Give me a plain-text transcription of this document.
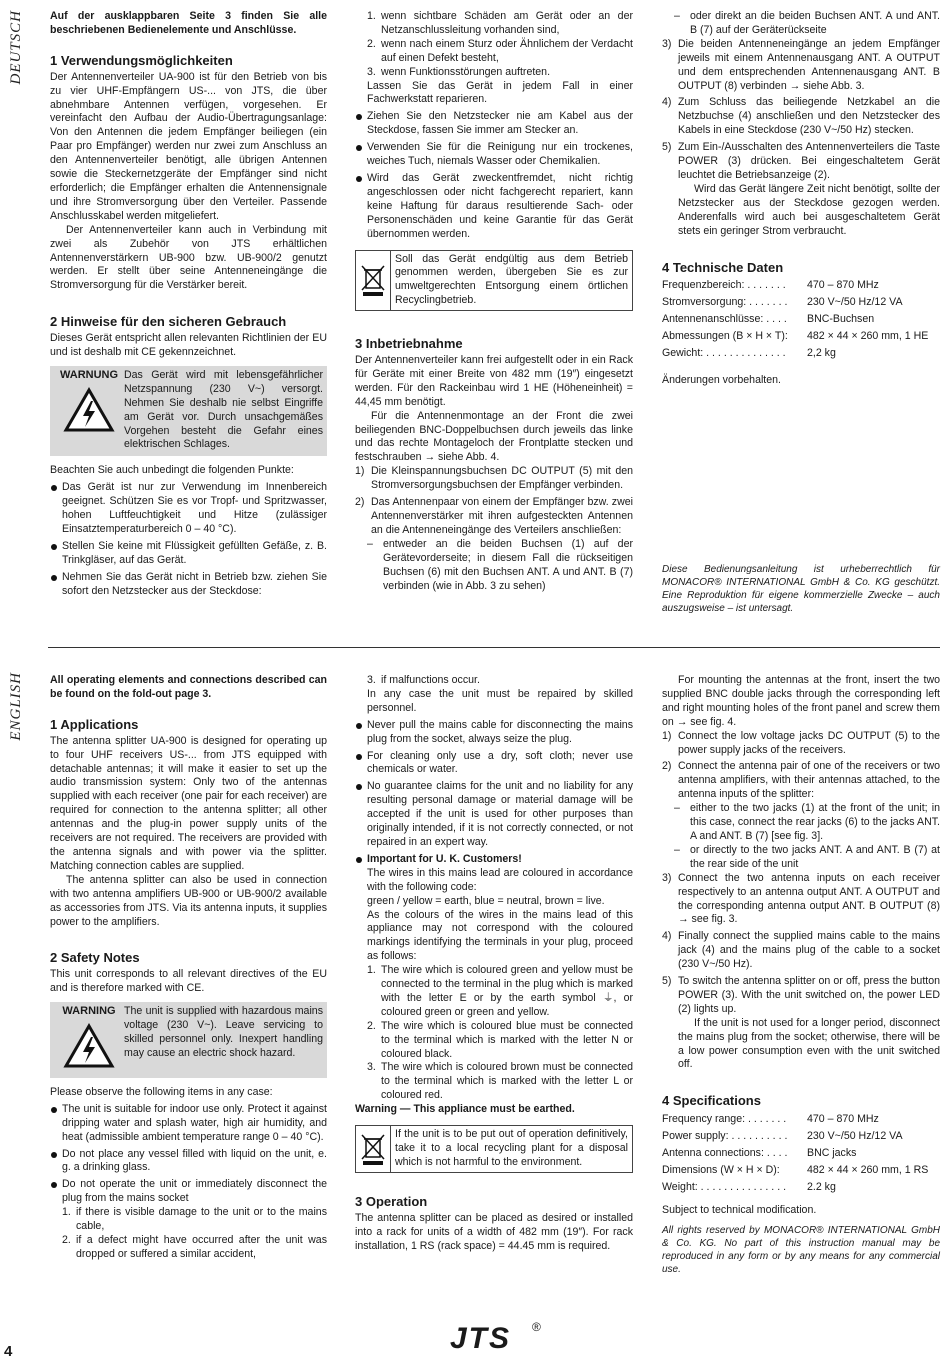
DEUTSCH
ENGLISH

Auf der ausklappbaren Seite 3 finden Sie alle beschriebenen Bedienelemente und Anschlüsse.

1 Verwendungsmöglichkeiten

Der Antennenverteiler UA-900 ist für den Betrieb von bis zu vier UHF-Empfängern US-... von JTS, die über abnehmbare Antennen verfügen, vorgesehen. Er vereinfacht den Aufbau der Audio-Übertragungsanlage: Von den Antennen die jedem Empfänger beiliegen (ein Paar pro Empfänger) werden nur zwei zum Anschluss an den Antennenverteiler benötigt, alle übrigen Antennen sowie die Steckernetzgeräte der Empfänger sind nicht erforderlich; die Empfänger erhalten die Antennensignale und ihre Stromversorgung über den Verteiler. Passende Anschlusskabel werden mitgeliefert.

Der Antennenverteiler kann auch in Verbindung mit zwei als Zubehör von JTS erhältlichen Antennenverstärkern UB-900 bzw. UB-900/2 genutzt werden. Er stellt über seine Antenneneingänge die Stromversorgung für die Verstärker bereit.

2 Hinweise für den sicheren Gebrauch

Dieses Gerät entspricht allen relevanten Richtlinien der EU und ist deshalb mit CE gekennzeichnet.

WARNUNG Das Gerät wird mit lebensgefährlicher Netzspannung (230 V~) versorgt. Nehmen Sie deshalb nie selbst Eingriffe am Gerät vor. Durch unsachgemäßes Vorgehen besteht die Gefahr eines elektrischen Schlages.

Beachten Sie auch unbedingt die folgenden Punkte:

Das Gerät ist nur zur Verwendung im Innenbereich geeignet. Schützen Sie es vor Tropf- und Spritzwasser, hohen Luftfeuchtigkeit und Hitze (zulässiger Einsatztemperaturbereich 0 – 40 °C).

Stellen Sie keine mit Flüssigkeit gefüllten Gefäße, z. B. Trinkgläser, auf das Gerät.

Nehmen Sie das Gerät nicht in Betrieb bzw. ziehen Sie sofort den Netzstecker aus der Steckdose:

1. wenn sichtbare Schäden am Gerät oder an der Netzanschlussleitung vorhanden sind,

2. wenn nach einem Sturz oder Ähnlichem der Verdacht auf einen Defekt besteht,

3. wenn Funktionsstörungen auftreten.

Lassen Sie das Gerät in jedem Fall in einer Fachwerkstatt reparieren.

Ziehen Sie den Netzstecker nie am Kabel aus der Steckdose, fassen Sie immer am Stecker an.

Verwenden Sie für die Reinigung nur ein trockenes, weiches Tuch, niemals Wasser oder Chemikalien.

Wird das Gerät zweckentfremdet, nicht richtig angeschlossen oder nicht fachgerecht repariert, kann keine Haftung für daraus resultierende Sach- oder Personenschäden und keine Garantie für das Gerät übernommen werden.

Soll das Gerät endgültig aus dem Betrieb genommen werden, übergeben Sie es zur umweltgerechten Entsorgung einem örtlichen Recyclingbetrieb.
3 Inbetriebnahme

Der Antennenverteiler kann frei aufgestellt oder in ein Rack für Geräte mit einer Breite von 482 mm (19″) eingesetzt werden. Für den Rackeinbau wird 1 HE (Höheneinheit) = 44,45 mm benötigt.

Für die Antennenmontage an der Front die zwei beiliegenden BNC-Doppelbuchsen durch jeweils das linke und das rechte Montageloch der Frontplatte stecken und festschrauben → siehe Abb. 4.

1) Die Kleinspannungsbuchsen DC OUTPUT (5) mit den Stromversorgungsbuchsen der Empfänger verbinden.

2) Das Antennenpaar von einem der Empfänger bzw. zwei Antennenverstärker mit ihren aufgesteckten Antennen an die Antenneneingänge des Verteilers anschließen:

– entweder an die beiden Buchsen (1) auf der Gerätevorderseite; in diesem Fall die rückseitigen Buchsen (6) mit den Buchsen ANT. A und ANT. B (7) verbinden (wie in Abb. 3 zu sehen)

– oder direkt an die beiden Buchsen ANT. A und ANT. B (7) auf der Geräterückseite

3) Die beiden Antenneneingänge an jedem Empfänger jeweils mit einem Antennenausgang ANT. A OUTPUT und dem entsprechenden Antennenausgang ANT. B OUTPUT (8) verbinden → siehe Abb. 3.

4) Zum Schluss das beiliegende Netzkabel an die Netzbuchse (4) anschließen und den Netzstecker des Kabels in eine Steckdose (230 V~/50 Hz) stecken.

5) Zum Ein-/Ausschalten des Antennenverteilers die Taste POWER (3) drücken. Bei eingeschaltetem Gerät leuchtet die Betriebsanzeige (2).

Wird das Gerät längere Zeit nicht benötigt, sollte der Netzstecker aus der Steckdose gezogen werden. Anderenfalls wird auch bei ausgeschaltetem Gerät stets ein geringer Strom verbraucht.

4 Technische Daten
Frequenzbereich: . . . . . . .	470 – 870 MHz
Stromversorgung: . . . . . . .	230 V~/50 Hz/12 VA
Antennenanschlüsse: . . . .	BNC-Buchsen
Abmessungen (B × H × T):	482 × 44 × 260 mm, 1 HE
Gewicht: . . . . . . . . . . . . . .	2,2 kg

Änderungen vorbehalten.

Diese Bedienungsanleitung ist urheberrechtlich für MONACOR® INTERNATIONAL GmbH & Co. KG geschützt. Eine Reproduktion für eigene kommerzielle Zwecke – auch auszugsweise – ist untersagt.

All operating elements and connections described can be found on the fold-out page 3.

1 Applications

The antenna splitter UA-900 is designed for operating up to four UHF receivers US-... from JTS equipped with detachable antennas; it will make it easier to set up the audio transmission system: Only two of the antennas supplied with each receiver (one pair for each receiver) are required for connection to the antenna splitter; all other antennas and the plug-in power supply units of the receivers are not required. The receivers are provided with the antenna signals and with power via the splitter. Matching connection cables are supplied.

The antenna splitter can also be used in connection with two antenna amplifiers UB-900 or UB-900/2 available as accessories from JTS. Via its antenna inputs, it supplies power to the amplifiers.

2 Safety Notes

This unit corresponds to all relevant directives of the EU and is therefore marked with CE.

WARNING The unit is supplied with hazardous mains voltage (230 V~). Leave servicing to skilled personnel only. Inexpert handling may cause an electric shock hazard.

Please observe the following items in any case:

The unit is suitable for indoor use only. Protect it against dripping water and splash water, high air humidity, and heat (admissible ambient temperature range 0 – 40 °C).

Do not place any vessel filled with liquid on the unit, e. g. a drinking glass.

Do not operate the unit or immediately disconnect the plug from the mains socket

1. if there is visible damage to the unit or to the mains cable,

2. if a defect might have occurred after the unit was dropped or suffered a similar accident,

3. if malfunctions occur.

In any case the unit must be repaired by skilled personnel.

Never pull the mains cable for disconnecting the mains plug from the socket, always seize the plug.

For cleaning only use a dry, soft cloth; never use chemicals or water.

No guarantee claims for the unit and no liability for any resulting personal damage or material damage will be accepted if the unit is used for other purposes than originally intended, if it is not correctly connected, or not repaired in an expert way.

Important for U. K. Customers!

The wires in this mains lead are coloured in accordance with the following code:

green / yellow = earth, blue = neutral, brown = live.

As the colours of the wires in the mains lead of this appliance may not correspond with the coloured markings identifying the terminals in your plug, proceed as follows:

1. The wire which is coloured green and yellow must be connected to the terminal in the plug which is marked with the letter E or by the earth symbol ⏚, or coloured green or green and yellow.

2. The wire which is coloured blue must be connected to the terminal which is marked with the letter N or coloured black.

3. The wire which is coloured brown must be connected to the terminal which is marked with the letter L or coloured red.

Warning — This appliance must be earthed.

If the unit is to be put out of operation definitively, take it to a local recycling plant for a disposal which is not harmful to the environment.
3 Operation

The antenna splitter can be placed as desired or installed into a rack for units of a width of 482 mm (19″). For rack installation, 1 RS (rack space) = 44.45 mm is required.

For mounting the antennas at the front, insert the two supplied BNC double jacks through the corresponding left and right mounting holes of the front panel and screw them on → see fig. 4.

1) Connect the low voltage jacks DC OUTPUT (5) to the power supply jacks of the receivers.

2) Connect the antenna pair of one of the receivers or two antenna amplifiers, with their antennas attached, to the antenna inputs of the splitter:

– either to the two jacks (1) at the front of the unit; in this case, connect the rear jacks (6) to the jacks ANT. A and ANT. B (7) [see fig. 3].

– or directly to the two jacks ANT. A and ANT. B (7) at the rear side of the unit

3) Connect the two antenna inputs on each receiver respectively to an antenna output ANT. A OUTPUT and the corresponding antenna output ANT. B OUTPUT (8) → see fig. 3.

4) Finally connect the supplied mains cable to the mains jack (4) and the mains plug of the cable to a socket (230 V~/50 Hz).

5) To switch the antenna splitter on or off, press the button POWER (3). With the unit switched on, the power LED (2) lights up.

If the unit is not used for a longer period, disconnect the mains plug from the socket; otherwise, there will be a low power consumption even with the unit switched off.

4 Specifications
Frequency range: . . . . . . .	470 – 870 MHz
Power supply: . . . . . . . . . .	230 V~/50 Hz/12 VA
Antenna connections: . . . .	BNC jacks
Dimensions (W × H × D):	482 × 44 × 260 mm, 1 RS
Weight: . . . . . . . . . . . . . . .	2.2 kg

Subject to technical modification.

All rights reserved by MONACOR® INTERNATIONAL GmbH & Co. KG. No part of this instruction manual may be reproduced in any form or by any means for any commercial use.

4	JTS ®
